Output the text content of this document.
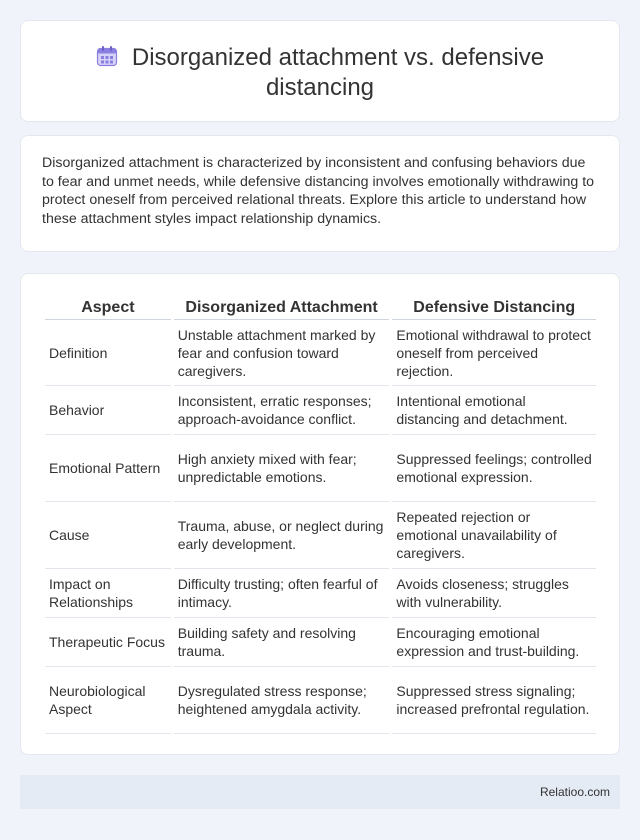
Disorganized attachment vs. defensive
distancing

Disorganized attachment is characterized by inconsistent and confusing behaviors due to fear and unmet needs, while defensive distancing involves emotionally withdrawing to protect oneself from perceived relational threats. Explore this article to understand how these attachment styles impact relationship dynamics.

Aspect	Disorganized Attachment	Defensive Distancing
Definition	Unstable attachment marked by fear and confusion toward caregivers.	Emotional withdrawal to protect oneself from perceived rejection.
Behavior	Inconsistent, erratic responses; approach-avoidance conflict.	Intentional emotional distancing and detachment.
Emotional Pattern	High anxiety mixed with fear; unpredictable emotions.	Suppressed feelings; controlled emotional expression.
Cause	Trauma, abuse, or neglect during early development.	Repeated rejection or emotional unavailability of caregivers.
Impact on Relationships	Difficulty trusting; often fearful of intimacy.	Avoids closeness; struggles with vulnerability.
Therapeutic Focus	Building safety and resolving trauma.	Encouraging emotional expression and trust-building.
Neurobiological Aspect	Dysregulated stress response; heightened amygdala activity.	Suppressed stress signaling; increased prefrontal regulation.
Relatioo.com
